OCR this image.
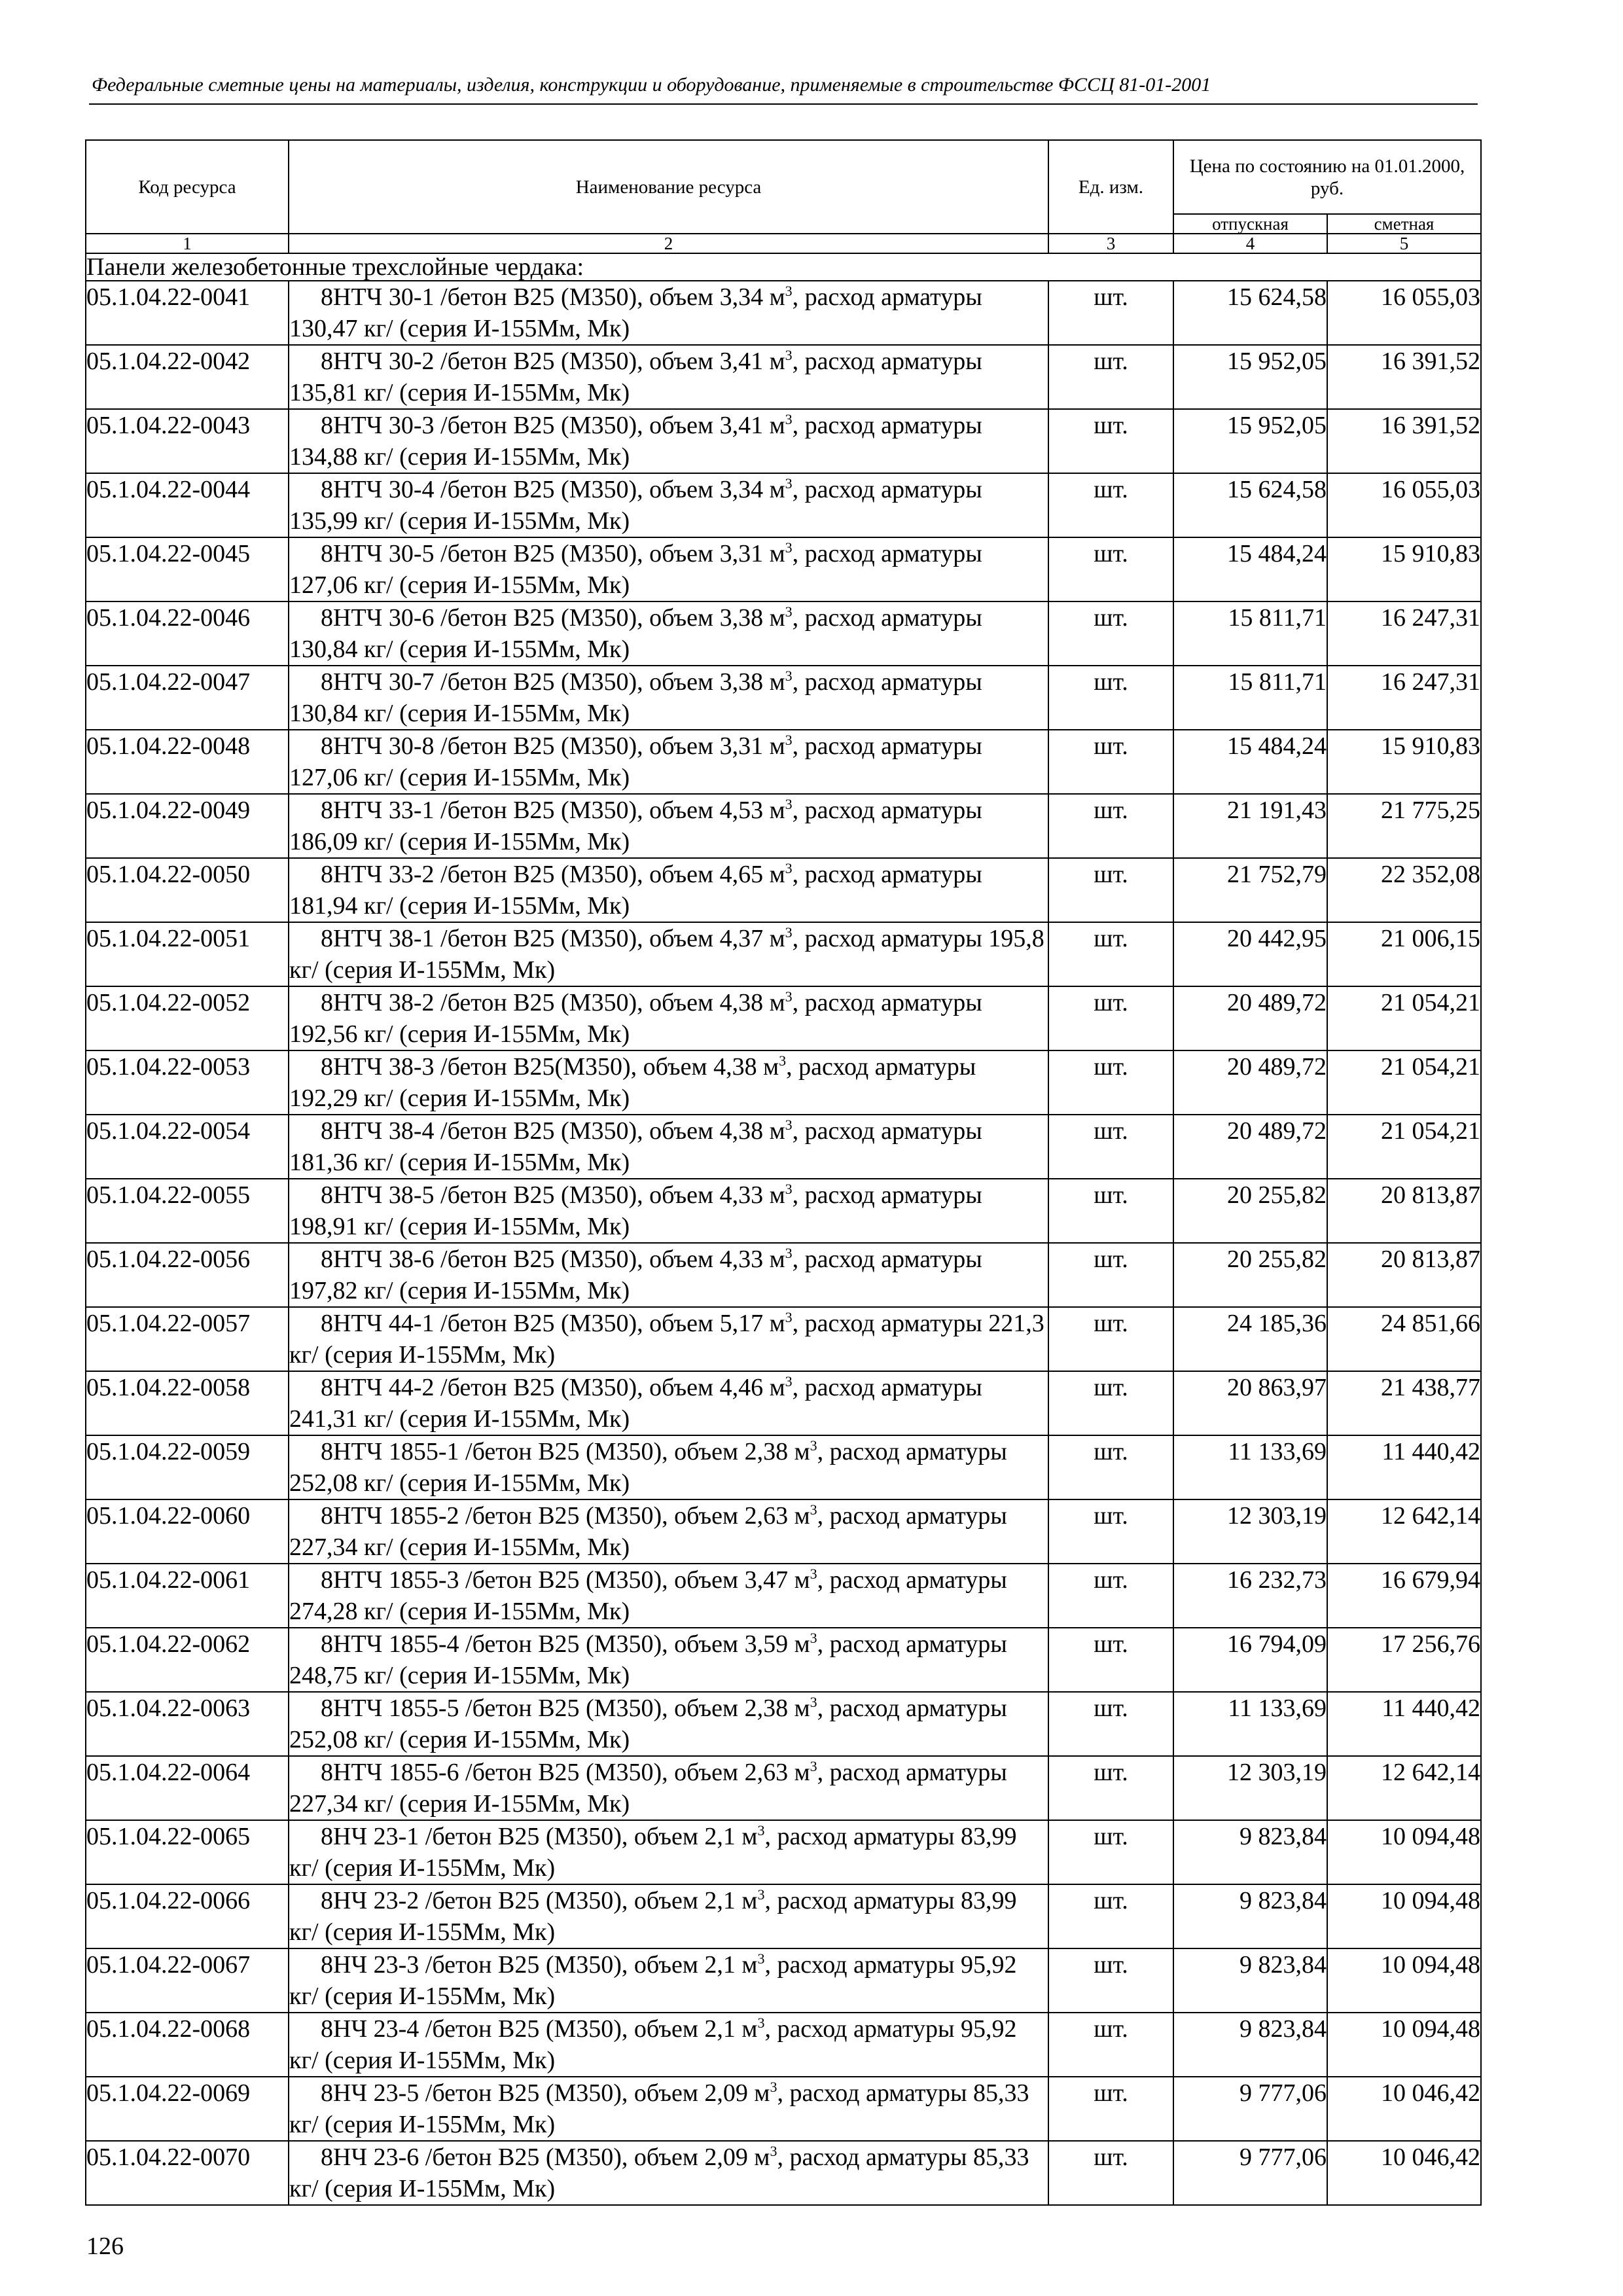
Федеральные сметные цены на материалы, изделия, конструкции и оборудование, применяемые в строительстве ФССЦ 81-01-2001
Код ресурса	Наименование ресурса	Ед. изм.	Цена по состоянию на 01.01.2000, руб.	
			отпускная	сметная
1	2	3	4	5
Панели железобетонные трехслойные чердака:				
05.1.04.22-0041	8НТЧ 30-1 /бетон В25 (М350), объем 3,34 $м^3$, расход арматуры 130,47 кг/ (серия И-155Мм, Мк)	шт.	15 624,58	16 055,03
05.1.04.22-0042	8НТЧ 30-2 /бетон В25 (М350), объем 3,41 $м^3$, расход арматуры 135,81 кг/ (серия И-155Мм, Мк)	шт.	15 952,05	16 391,52
05.1.04.22-0043	8НТЧ 30-3 /бетон В25 (М350), объем 3,41 $м^3$, расход арматуры 134,88 кг/ (серия И-155Мм, Мк)	шт.	15 952,05	16 391,52
05.1.04.22-0044	8НТЧ 30-4 /бетон В25 (М350), объем 3,34 $м^3$, расход арматуры 135,99 кг/ (серия И-155Мм, Мк)	шт.	15 624,58	16 055,03
05.1.04.22-0045	8НТЧ 30-5 /бетон В25 (М350), объем 3,31 $м^3$, расход арматуры 127,06 кг/ (серия И-155Мм, Мк)	шт.	15 484,24	15 910,83
05.1.04.22-0046	8НТЧ 30-6 /бетон В25 (М350), объем 3,38 $м^3$, расход арматуры 130,84 кг/ (серия И-155Мм, Мк)	шт.	15 811,71	16 247,31
05.1.04.22-0047	8НТЧ 30-7 /бетон В25 (М350), объем 3,38 $м^3$, расход арматуры 130,84 кг/ (серия И-155Мм, Мк)	шт.	15 811,71	16 247,31
05.1.04.22-0048	8НТЧ 30-8 /бетон В25 (М350), объем 3,31 $м^3$, расход арматуры 127,06 кг/ (серия И-155Мм, Мк)	шт.	15 484,24	15 910,83
05.1.04.22-0049	8НТЧ 33-1 /бетон В25 (М350), объем 4,53 $м^3$, расход арматуры 186,09 кг/ (серия И-155Мм, Мк)	шт.	21 191,43	21 775,25
05.1.04.22-0050	8НТЧ 33-2 /бетон В25 (М350), объем 4,65 $м^3$, расход арматуры 181,94 кг/ (серия И-155Мм, Мк)	шт.	21 752,79	22 352,08
05.1.04.22-0051	8НТЧ 38-1 /бетон В25 (М350), объем 4,37 $м^3$, расход арматуры 195,8 кг/ (серия И-155Мм, Мк)	шт.	20 442,95	21 006,15
05.1.04.22-0052	8НТЧ 38-2 /бетон В25 (М350), объем 4,38 $м^3$, расход арматуры 192,56 кг/ (серия И-155Мм, Мк)	шт.	20 489,72	21 054,21
05.1.04.22-0053	8НТЧ 38-3 /бетон В25(М350), объем 4,38 $м^3$, расход арматуры 192,29 кг/ (серия И-155Мм, Мк)	шт.	20 489,72	21 054,21
05.1.04.22-0054	8НТЧ 38-4 /бетон В25 (М350), объем 4,38 $м^3$, расход арматуры 181,36 кг/ (серия И-155Мм, Мк)	шт.	20 489,72	21 054,21
05.1.04.22-0055	8НТЧ 38-5 /бетон В25 (М350), объем 4,33 $м^3$, расход арматуры 198,91 кг/ (серия И-155Мм, Мк)	шт.	20 255,82	20 813,87
05.1.04.22-0056	8НТЧ 38-6 /бетон В25 (М350), объем 4,33 $м^3$, расход арматуры 197,82 кг/ (серия И-155Мм, Мк)	шт.	20 255,82	20 813,87
05.1.04.22-0057	8НТЧ 44-1 /бетон В25 (М350), объем 5,17 $м^3$, расход арматуры 221,3 кг/ (серия И-155Мм, Мк)	шт.	24 185,36	24 851,66
05.1.04.22-0058	8НТЧ 44-2 /бетон В25 (М350), объем 4,46 $м^3$, расход арматуры 241,31 кг/ (серия И-155Мм, Мк)	шт.	20 863,97	21 438,77
05.1.04.22-0059	8НТЧ 1855-1 /бетон В25 (М350), объем 2,38 $м^3$, расход арматуры 252,08 кг/ (серия И-155Мм, Мк)	шт.	11 133,69	11 440,42
05.1.04.22-0060	8НТЧ 1855-2 /бетон В25 (М350), объем 2,63 $м^3$, расход арматуры 227,34 кг/ (серия И-155Мм, Мк)	шт.	12 303,19	12 642,14
05.1.04.22-0061	8НТЧ 1855-3 /бетон В25 (М350), объем 3,47 $м^3$, расход арматуры 274,28 кг/ (серия И-155Мм, Мк)	шт.	16 232,73	16 679,94
05.1.04.22-0062	8НТЧ 1855-4 /бетон В25 (М350), объем 3,59 $м^3$, расход арматуры 248,75 кг/ (серия И-155Мм, Мк)	шт.	16 794,09	17 256,76
05.1.04.22-0063	8НТЧ 1855-5 /бетон В25 (М350), объем 2,38 $м^3$, расход арматуры 252,08 кг/ (серия И-155Мм, Мк)	шт.	11 133,69	11 440,42
05.1.04.22-0064	8НТЧ 1855-6 /бетон В25 (М350), объем 2,63 $м^3$, расход арматуры 227,34 кг/ (серия И-155Мм, Мк)	шт.	12 303,19	12 642,14
05.1.04.22-0065	8НЧ 23-1 /бетон В25 (М350), объем 2,1 $м^3$, расход арматуры 83,99 кг/ (серия И-155Мм, Мк)	шт.	9 823,84	10 094,48
05.1.04.22-0066	8НЧ 23-2 /бетон В25 (М350), объем 2,1 $м^3$, расход арматуры 83,99 кг/ (серия И-155Мм, Мк)	шт.	9 823,84	10 094,48
05.1.04.22-0067	8НЧ 23-3 /бетон В25 (М350), объем 2,1 $м^3$, расход арматуры 95,92 кг/ (серия И-155Мм, Мк)	шт.	9 823,84	10 094,48
05.1.04.22-0068	8НЧ 23-4 /бетон В25 (М350), объем 2,1 $м^3$, расход арматуры 95,92 кг/ (серия И-155Мм, Мк)	шт.	9 823,84	10 094,48
05.1.04.22-0069	8НЧ 23-5 /бетон В25 (М350), объем 2,09 $м^3$, расход арматуры 85,33 кг/ (серия И-155Мм, Мк)	шт.	9 777,06	10 046,42
05.1.04.22-0070	8НЧ 23-6 /бетон В25 (М350), объем 2,09 $м^3$, расход арматуры 85,33 кг/ (серия И-155Мм, Мк)	шт.	9 777,06	10 046,42
126
